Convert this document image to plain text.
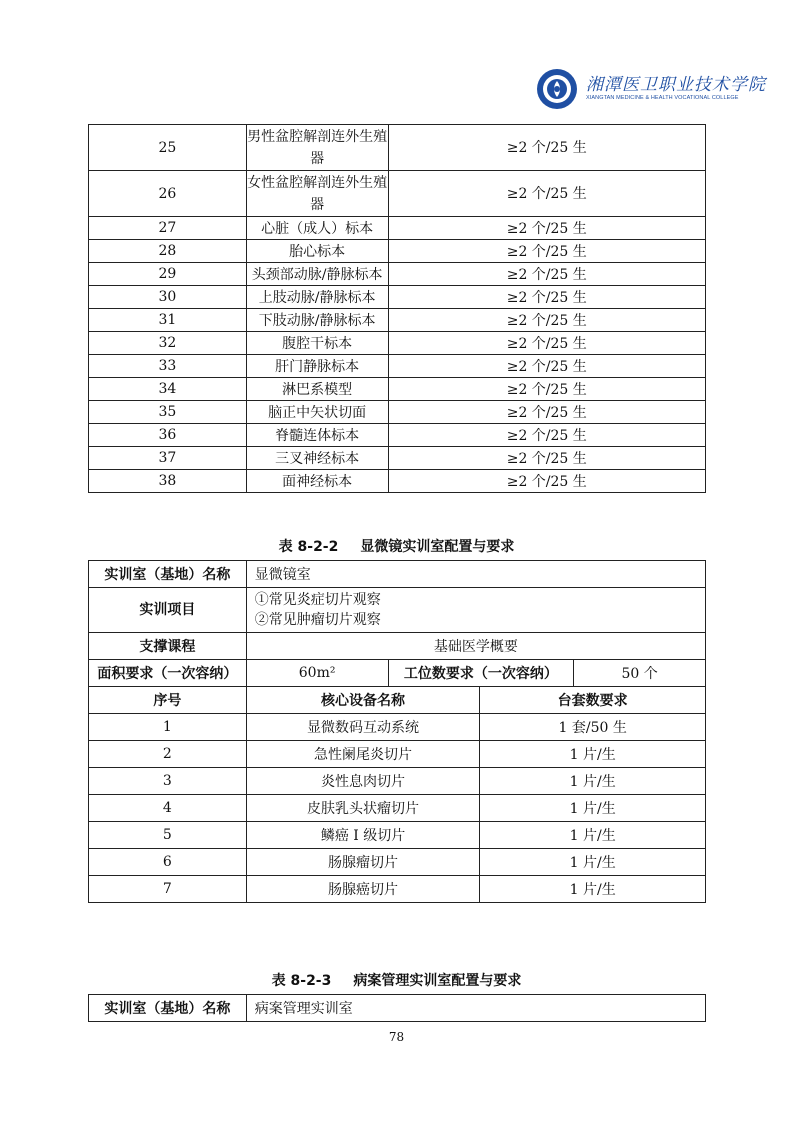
湘潭医卫职业技术学院
XIANGTAN MEDICINE & HEALTH VOCATIONAL COLLEGE
25	男性盆腔解剖连外生殖器	≥2 个/25 生
26	女性盆腔解剖连外生殖器	≥2 个/25 生
27	心脏（成人）标本	≥2 个/25 生
28	胎心标本	≥2 个/25 生
29	头颈部动脉/静脉标本	≥2 个/25 生
30	上肢动脉/静脉标本	≥2 个/25 生
31	下肢动脉/静脉标本	≥2 个/25 生
32	腹腔干标本	≥2 个/25 生
33	肝门静脉标本	≥2 个/25 生
34	淋巴系模型	≥2 个/25 生
35	脑正中矢状切面	≥2 个/25 生
36	脊髓连体标本	≥2 个/25 生
37	三叉神经标本	≥2 个/25 生
38	面神经标本	≥2 个/25 生
表 8-2-2 显微镜实训室配置与要求
实训室（基地）名称	显微镜室			
实训项目	①常见炎症切片观察
②常见肿瘤切片观察			

支撑课程	基础医学概要			
面积要求（一次容纳）	60m²	工位数要求（一次容纳）		50 个
序号	核心设备名称		台套数要求	
1	显微数码互动系统		1 套/50 生	
2	急性阑尾炎切片		1 片/生	
3	炎性息肉切片		1 片/生	
4	皮肤乳头状瘤切片		1 片/生	
5	鳞癌 I 级切片		1 片/生	
6	肠腺瘤切片		1 片/生	
7	肠腺癌切片		1 片/生	
表 8-2-3 病案管理实训室配置与要求
实训室（基地）名称	病案管理实训室
78
